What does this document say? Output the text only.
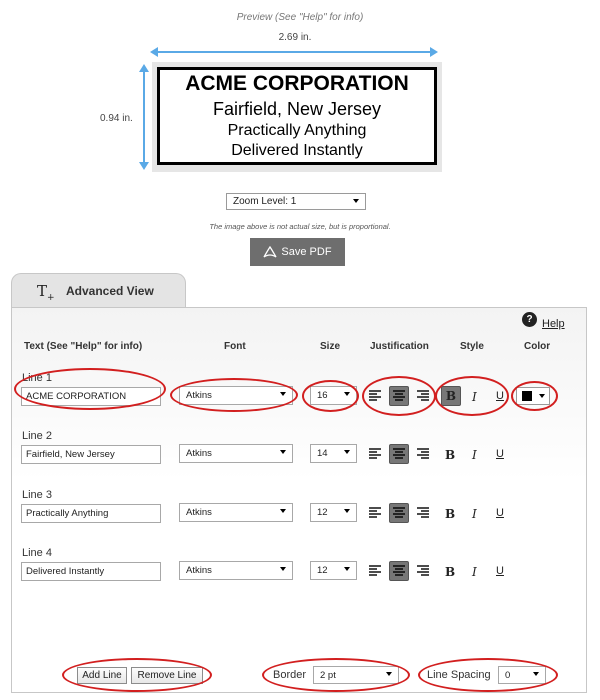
Preview (See "Help" for info)
2.69 in.
0.94 in.
ACME CORPORATION
Fairfield, New Jersey
Practically Anything
Delivered Instantly
Zoom Level: 1
The image above is not actual size, but is proportional.
Save PDF
$T_+$ Advanced View
? Help
Text (See "Help" for info)	Font	Size	Justification	Style	Color
Line 1
ACME CORPORATION	Atkins	16	B I U
Line 2
Fairfield, New Jersey	Atkins	14	B I U
Line 3
Practically Anything	Atkins	12	B I U
Line 4
Delivered Instantly	Atkins	12	B I U
Add Line Remove Line	Border	2 pt	Line Spacing	0
